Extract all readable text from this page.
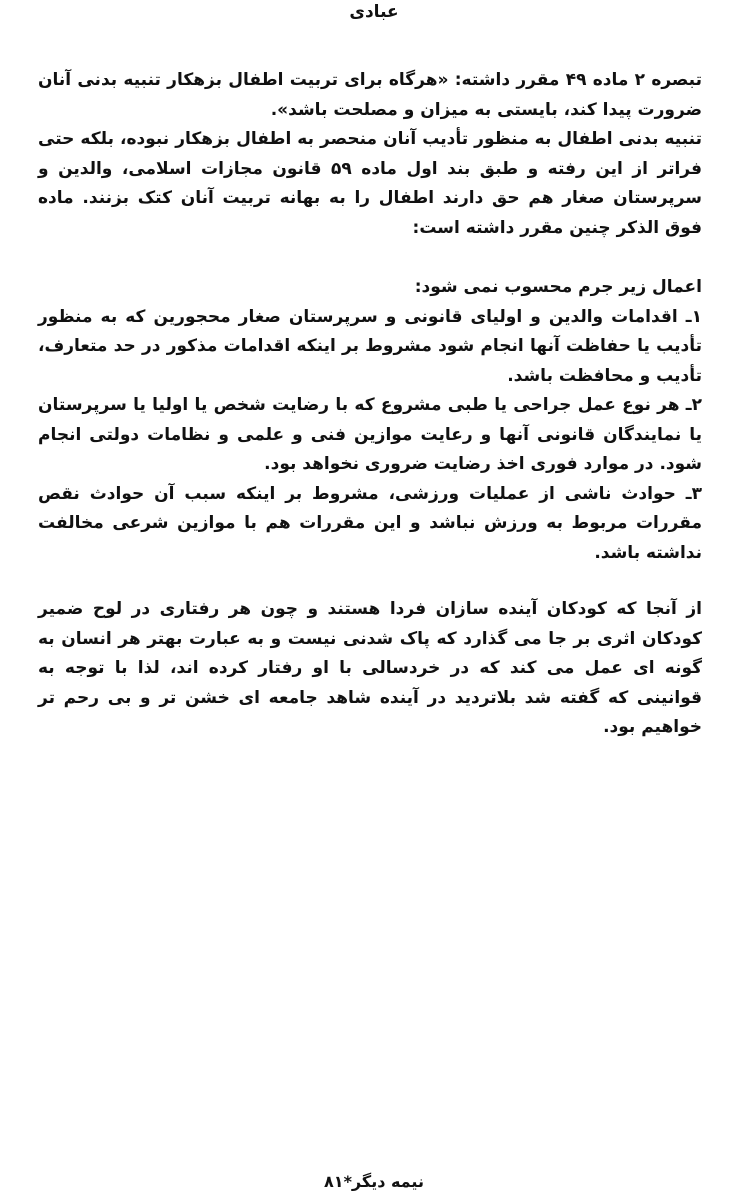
عبادی

تبصره ۲ ماده ۴۹ مقرر داشته: «هرگاه برای تربیت اطفال بزهکار تنبیه بدنی آنان ضرورت پیدا کند، بایستی به میزان و مصلحت باشد».

تنبیه بدنی اطفال به منظور تأدیب آنان منحصر به اطفال بزهکار نبوده، بلکه حتی فراتر از این رفته و طبق بند اول ماده ۵۹ قانون مجازات اسلامی، والدین و سرپرستان صغار هم حق دارند اطفال را به بهانه تربیت آنان کتک بزنند. ماده فوق الذکر چنین مقرر داشته است:

اعمال زیر جرم محسوب نمی شود:

۱ـ اقدامات والدین و اولیای قانونی و سرپرستان صغار محجورین که به منظور تأدیب یا حفاظت آنها انجام شود مشروط بر اینکه اقدامات مذکور در حد متعارف، تأدیب و محافظت باشد.

۲ـ هر نوع عمل جراحی یا طبی مشروع که با رضایت شخص یا اولیا یا سرپرستان یا نمایندگان قانونی آنها و رعایت موازین فنی و علمی و نظامات دولتی انجام شود. در موارد فوری اخذ رضایت ضروری نخواهد بود.

۳ـ حوادث ناشی از عملیات ورزشی، مشروط بر اینکه سبب آن حوادث نقص مقررات مربوط به ورزش نباشد و این مقررات هم با موازین شرعی مخالفت نداشته باشد.

از آنجا که کودکان آینده سازان فردا هستند و چون هر رفتاری در لوح ضمیر کودکان اثری بر جا می گذارد که پاک شدنی نیست و به عبارت بهتر هر انسان به گونه ای عمل می کند که در خردسالی با او رفتار کرده اند، لذا با توجه به قوانینی که گفته شد بلاتردید در آینده شاهد جامعه ای خشن تر و بی رحم تر خواهیم بود.

نیمه دیگر*۸۱
